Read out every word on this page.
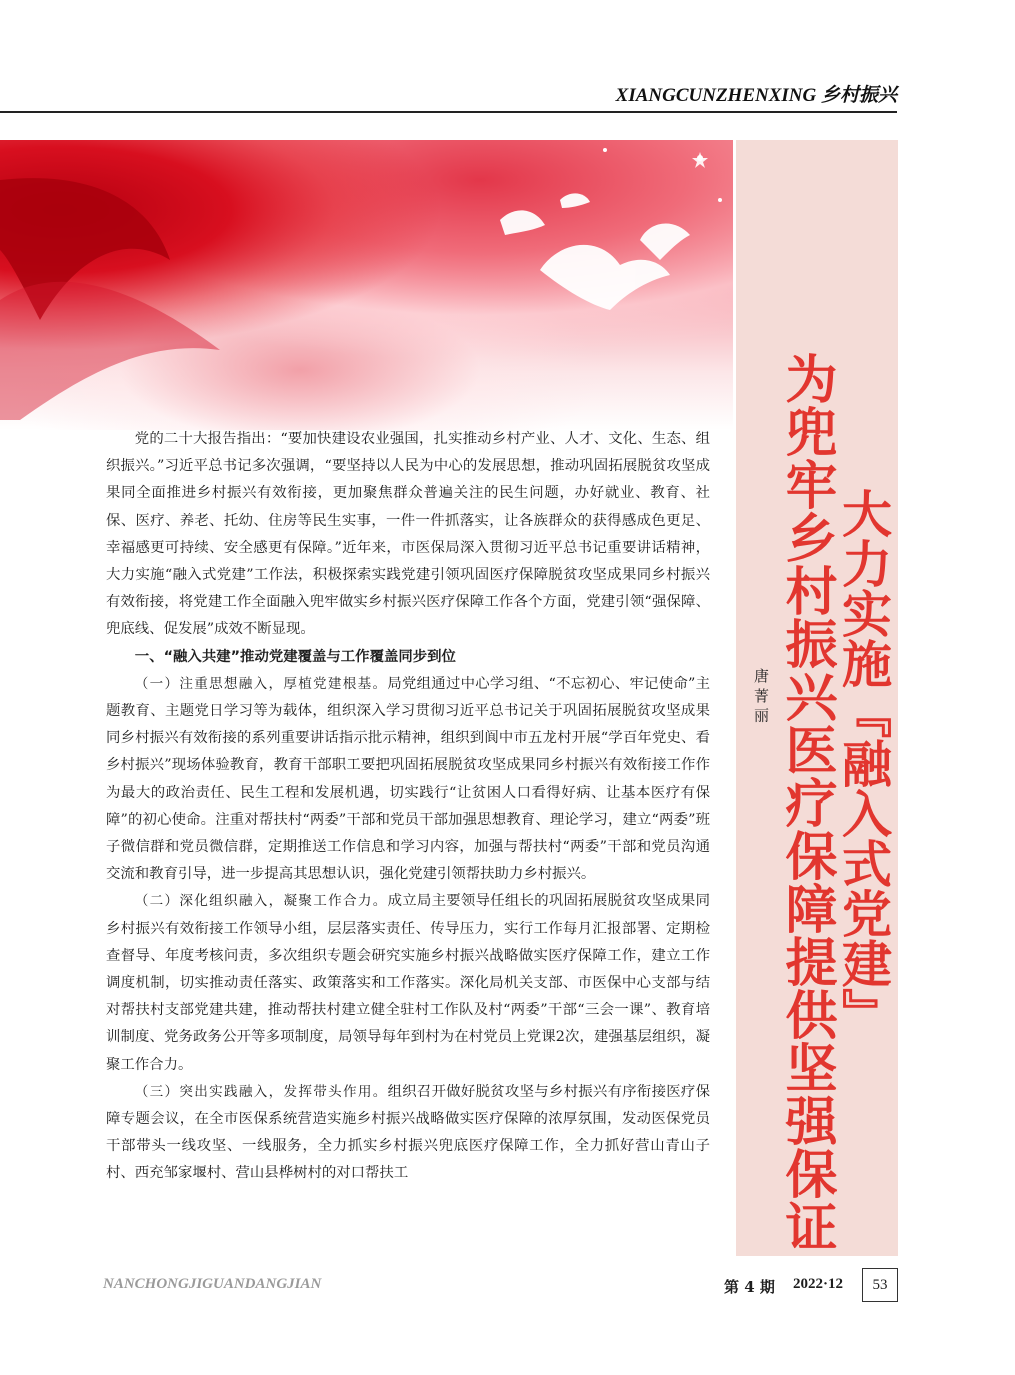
XIANGCUNZHENXING 乡村振兴
大力实施『融入式党建』
为兜牢乡村振兴医疗保障提供坚强保证
唐 菁 丽

党的二十大报告指出：“要加快建设农业强国，扎实推动乡村产业、人才、文化、生态、组织振兴。”习近平总书记多次强调，“要坚持以人民为中心的发展思想，推动巩固拓展脱贫攻坚成果同全面推进乡村振兴有效衔接，更加聚焦群众普遍关注的民生问题，办好就业、教育、社保、医疗、养老、托幼、住房等民生实事，一件一件抓落实，让各族群众的获得感成色更足、幸福感更可持续、安全感更有保障。”近年来，市医保局深入贯彻习近平总书记重要讲话精神，大力实施“融入式党建”工作法，积极探索实践党建引领巩固医疗保障脱贫攻坚成果同乡村振兴有效衔接，将党建工作全面融入兜牢做实乡村振兴医疗保障工作各个方面，党建引领“强保障、兜底线、促发展”成效不断显现。

一、“融入共建”推动党建覆盖与工作覆盖同步到位

（一）注重思想融入，厚植党建根基。局党组通过中心学习组、“不忘初心、牢记使命”主题教育、主题党日学习等为载体，组织深入学习贯彻习近平总书记关于巩固拓展脱贫攻坚成果同乡村振兴有效衔接的系列重要讲话指示批示精神，组织到阆中市五龙村开展“学百年党史、看乡村振兴”现场体验教育，教育干部职工要把巩固拓展脱贫攻坚成果同乡村振兴有效衔接工作作为最大的政治责任、民生工程和发展机遇，切实践行“让贫困人口看得好病、让基本医疗有保障”的初心使命。注重对帮扶村“两委”干部和党员干部加强思想教育、理论学习，建立“两委”班子微信群和党员微信群，定期推送工作信息和学习内容，加强与帮扶村“两委”干部和党员沟通交流和教育引导，进一步提高其思想认识，强化党建引领帮扶助力乡村振兴。

（二）深化组织融入，凝聚工作合力。成立局主要领导任组长的巩固拓展脱贫攻坚成果同乡村振兴有效衔接工作领导小组，层层落实责任、传导压力，实行工作每月汇报部署、定期检查督导、年度考核问责，多次组织专题会研究实施乡村振兴战略做实医疗保障工作，建立工作调度机制，切实推动责任落实、政策落实和工作落实。深化局机关支部、市医保中心支部与结对帮扶村支部党建共建，推动帮扶村建立健全驻村工作队及村“两委”干部“三会一课”、教育培训制度、党务政务公开等多项制度，局领导每年到村为在村党员上党课2次，建强基层组织，凝聚工作合力。

（三）突出实践融入，发挥带头作用。组织召开做好脱贫攻坚与乡村振兴有序衔接医疗保障专题会议，在全市医保系统营造实施乡村振兴战略做实医疗保障的浓厚氛围，发动医保党员干部带头一线攻坚、一线服务，全力抓实乡村振兴兜底医疗保障工作，全力抓好营山青山子村、西充邹家堰村、营山县桦树村的对口帮扶工

NANCHONGJIGUANDANGJIAN	第 4 期 2022·12	53
